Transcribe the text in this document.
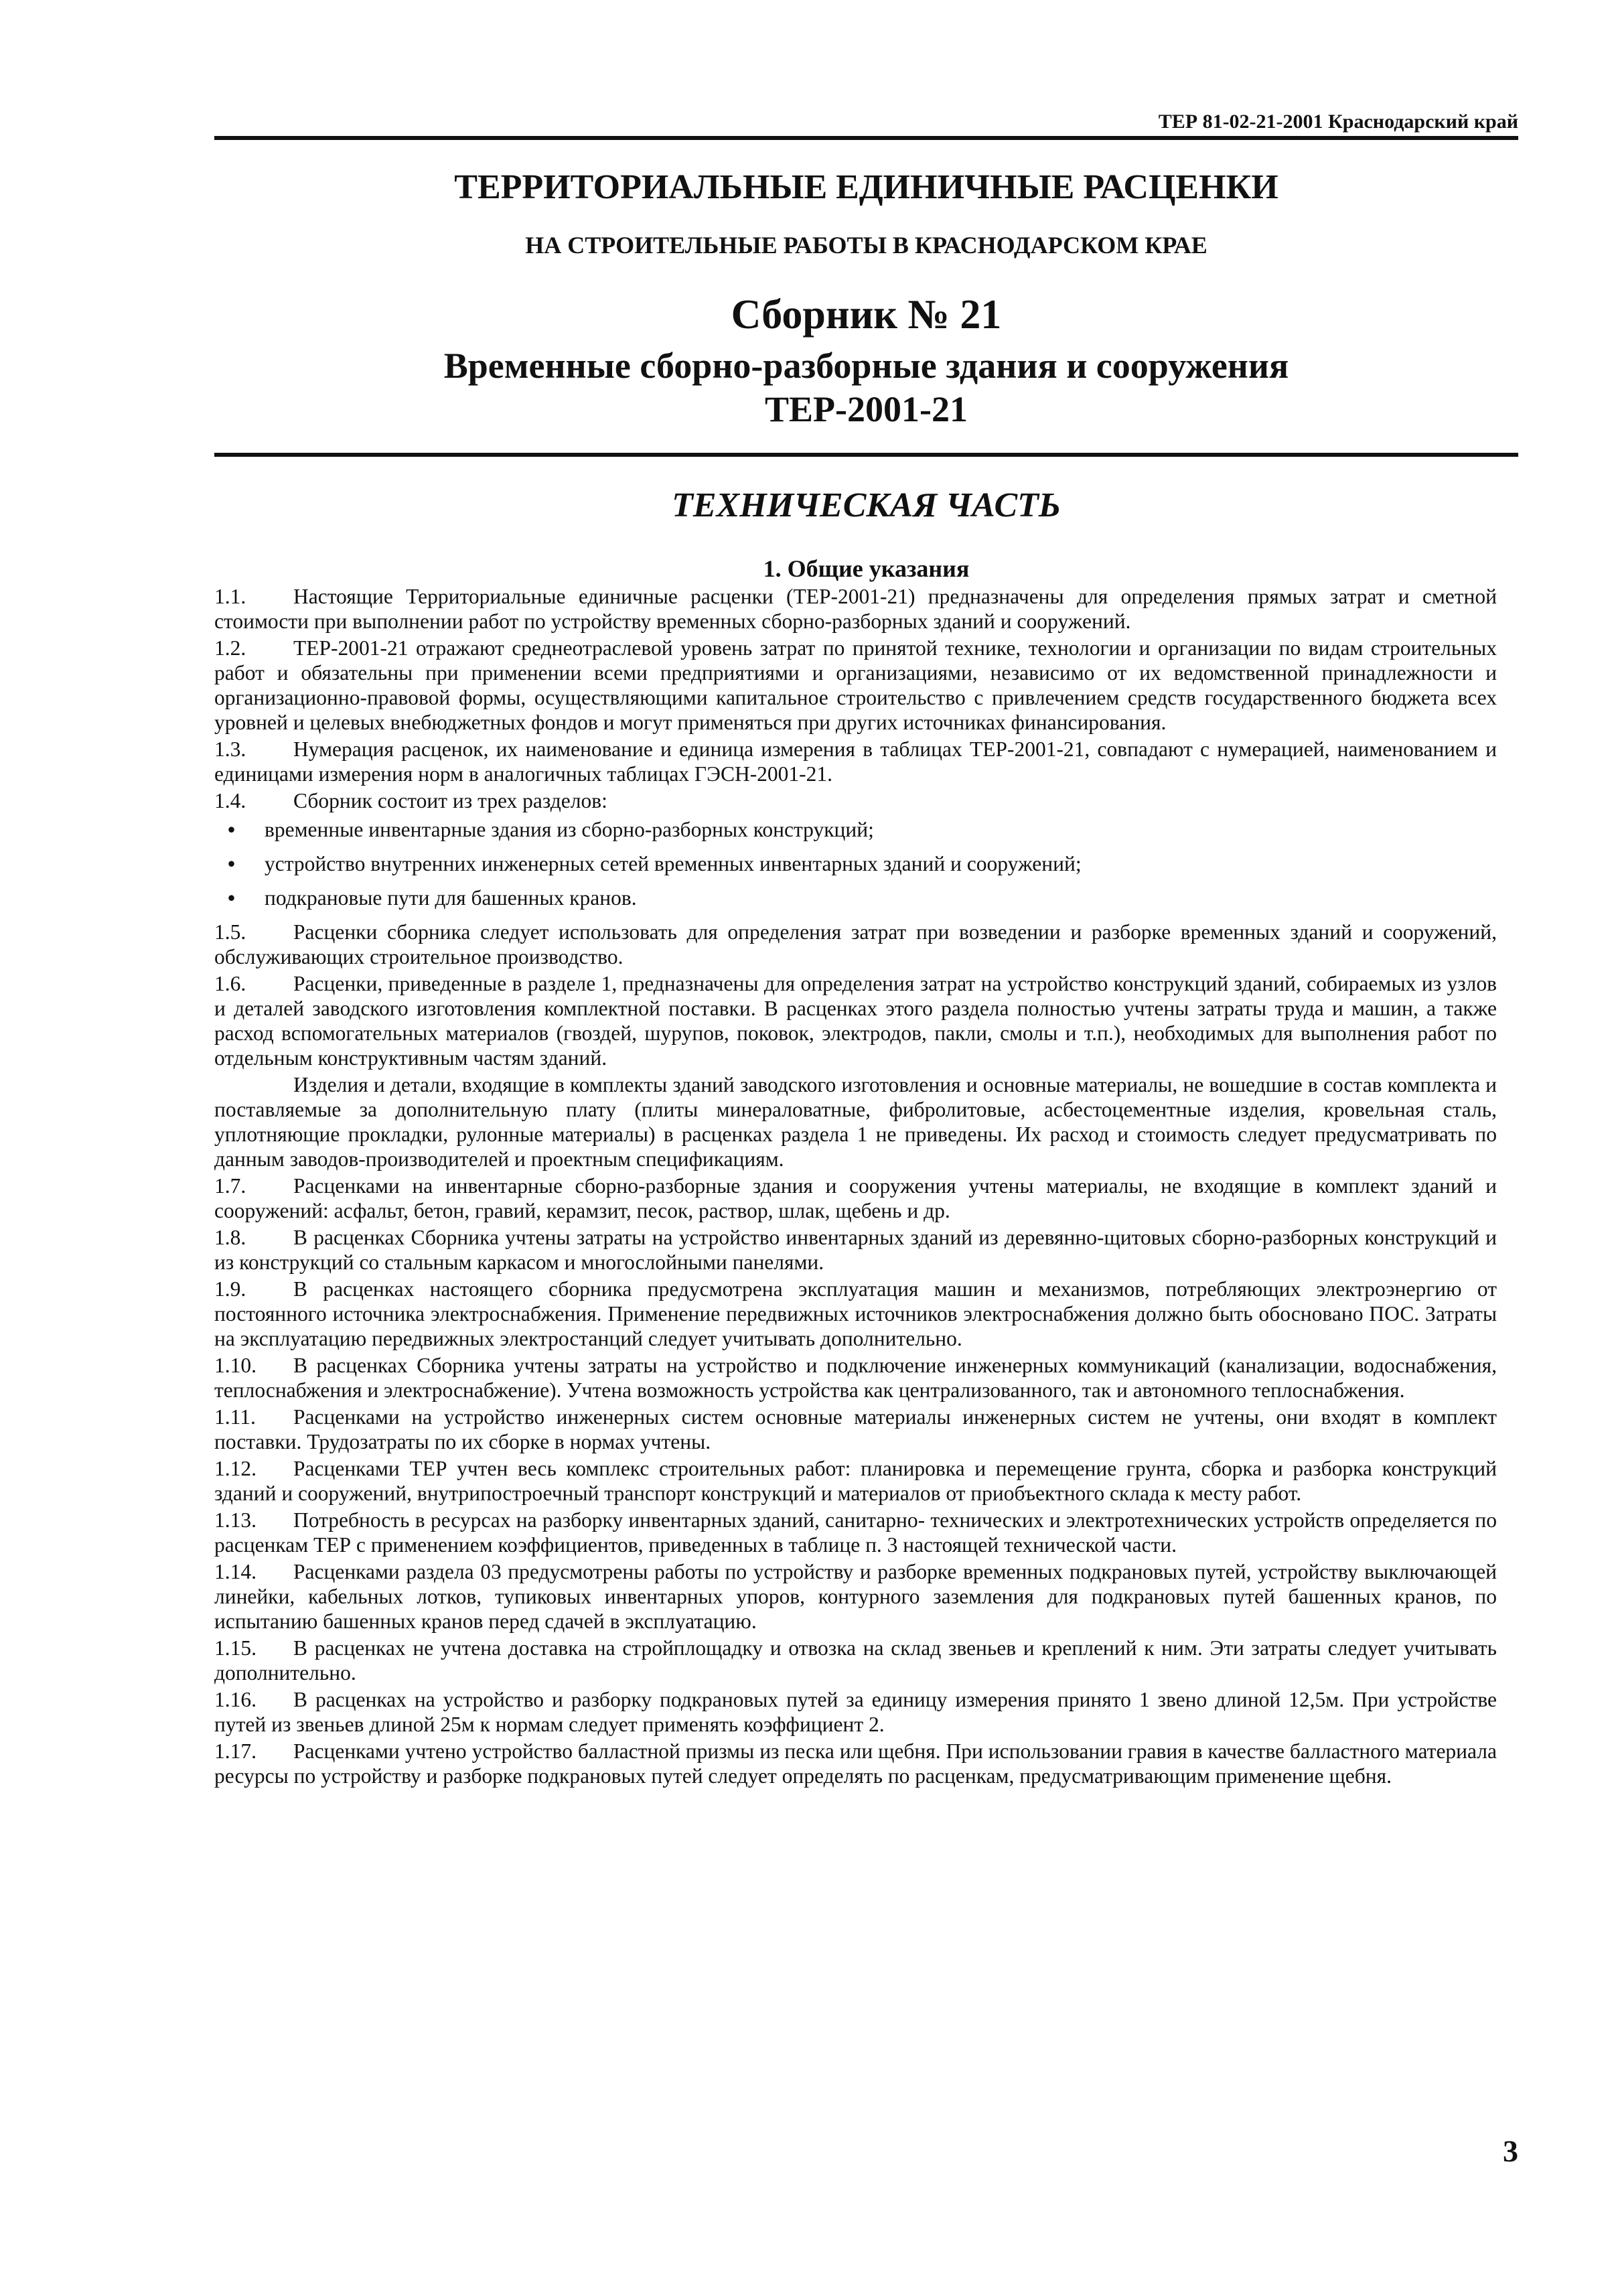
ТЕР 81-02-21-2001 Краснодарский край
ТЕРРИТОРИАЛЬНЫЕ ЕДИНИЧНЫЕ РАСЦЕНКИ
НА СТРОИТЕЛЬНЫЕ РАБОТЫ В КРАСНОДАРСКОМ КРАЕ
Сборник № 21
Временные сборно-разборные здания и сооружения
ТЕР-2001-21
ТЕХНИЧЕСКАЯ ЧАСТЬ
1. Общие указания

1.1. Настоящие Территориальные единичные расценки (ТЕР-2001-21) предназначены для определения прямых затрат и сметной стоимости при выполнении работ по устройству временных сборно-разборных зданий и сооружений.

1.2. ТЕР-2001-21 отражают среднеотраслевой уровень затрат по принятой технике, технологии и организации по видам строительных работ и обязательны при применении всеми предприятиями и организациями, независимо от их ведомственной принадлежности и организационно-правовой формы, осуществляющими капитальное строительство с привлечением средств государственного бюджета всех уровней и целевых внебюджетных фондов и могут применяться при других источниках финансирования.

1.3. Нумерация расценок, их наименование и единица измерения в таблицах ТЕР-2001-21, совпадают с нумерацией, наименованием и единицами измерения норм в аналогичных таблицах ГЭСН-2001-21.

1.4. Сборник состоит из трех разделов:

• временные инвентарные здания из сборно-разборных конструкций;
• устройство внутренних инженерных сетей временных инвентарных зданий и сооружений;
• подкрановые пути для башенных кранов.

1.5. Расценки сборника следует использовать для определения затрат при возведении и разборке временных зданий и сооружений, обслуживающих строительное производство.

1.6. Расценки, приведенные в разделе 1, предназначены для определения затрат на устройство конструкций зданий, собираемых из узлов и деталей заводского изготовления комплектной поставки. В расценках этого раздела полностью учтены затраты труда и машин, а также расход вспомогательных материалов (гвоздей, шурупов, поковок, электродов, пакли, смолы и т.п.), необходимых для выполнения работ по отдельным конструктивным частям зданий.

Изделия и детали, входящие в комплекты зданий заводского изготовления и основные материалы, не вошедшие в состав комплекта и поставляемые за дополнительную плату (плиты минераловатные, фибролитовые, асбестоцементные изделия, кровельная сталь, уплотняющие прокладки, рулонные материалы) в расценках раздела 1 не приведены. Их расход и стоимость следует предусматривать по данным заводов-производителей и проектным спецификациям.

1.7. Расценками на инвентарные сборно-разборные здания и сооружения учтены материалы, не входящие в комплект зданий и сооружений: асфальт, бетон, гравий, керамзит, песок, раствор, шлак, щебень и др.

1.8. В расценках Сборника учтены затраты на устройство инвентарных зданий из деревянно-щитовых сборно-разборных конструкций и из конструкций со стальным каркасом и многослойными панелями.

1.9. В расценках настоящего сборника предусмотрена эксплуатация машин и механизмов, потребляющих электроэнергию от постоянного источника электроснабжения. Применение передвижных источников электроснабжения должно быть обосновано ПОС. Затраты на эксплуатацию передвижных электростанций следует учитывать дополнительно.

1.10. В расценках Сборника учтены затраты на устройство и подключение инженерных коммуникаций (канализации, водоснабжения, теплоснабжения и электроснабжение). Учтена возможность устройства как централизованного, так и автономного теплоснабжения.

1.11. Расценками на устройство инженерных систем основные материалы инженерных систем не учтены, они входят в комплект поставки. Трудозатраты по их сборке в нормах учтены.

1.12. Расценками ТЕР учтен весь комплекс строительных работ: планировка и перемещение грунта, сборка и разборка конструкций зданий и сооружений, внутрипостроечный транспорт конструкций и материалов от приобъектного склада к месту работ.

1.13. Потребность в ресурсах на разборку инвентарных зданий, санитарно- технических и электротехнических устройств определяется по расценкам ТЕР с применением коэффициентов, приведенных в таблице п. 3 настоящей технической части.

1.14. Расценками раздела 03 предусмотрены работы по устройству и разборке временных подкрановых путей, устройству выключающей линейки, кабельных лотков, тупиковых инвентарных упоров, контурного заземления для подкрановых путей башенных кранов, по испытанию башенных кранов перед сдачей в эксплуатацию.

1.15. В расценках не учтена доставка на стройплощадку и отвозка на склад звеньев и креплений к ним. Эти затраты следует учитывать дополнительно.

1.16. В расценках на устройство и разборку подкрановых путей за единицу измерения принято 1 звено длиной 12,5м. При устройстве путей из звеньев длиной 25м к нормам следует применять коэффициент 2.

1.17. Расценками учтено устройство балластной призмы из песка или щебня. При использовании гравия в качестве балластного материала ресурсы по устройству и разборке подкрановых путей следует определять по расценкам, предусматривающим применение щебня.

3
